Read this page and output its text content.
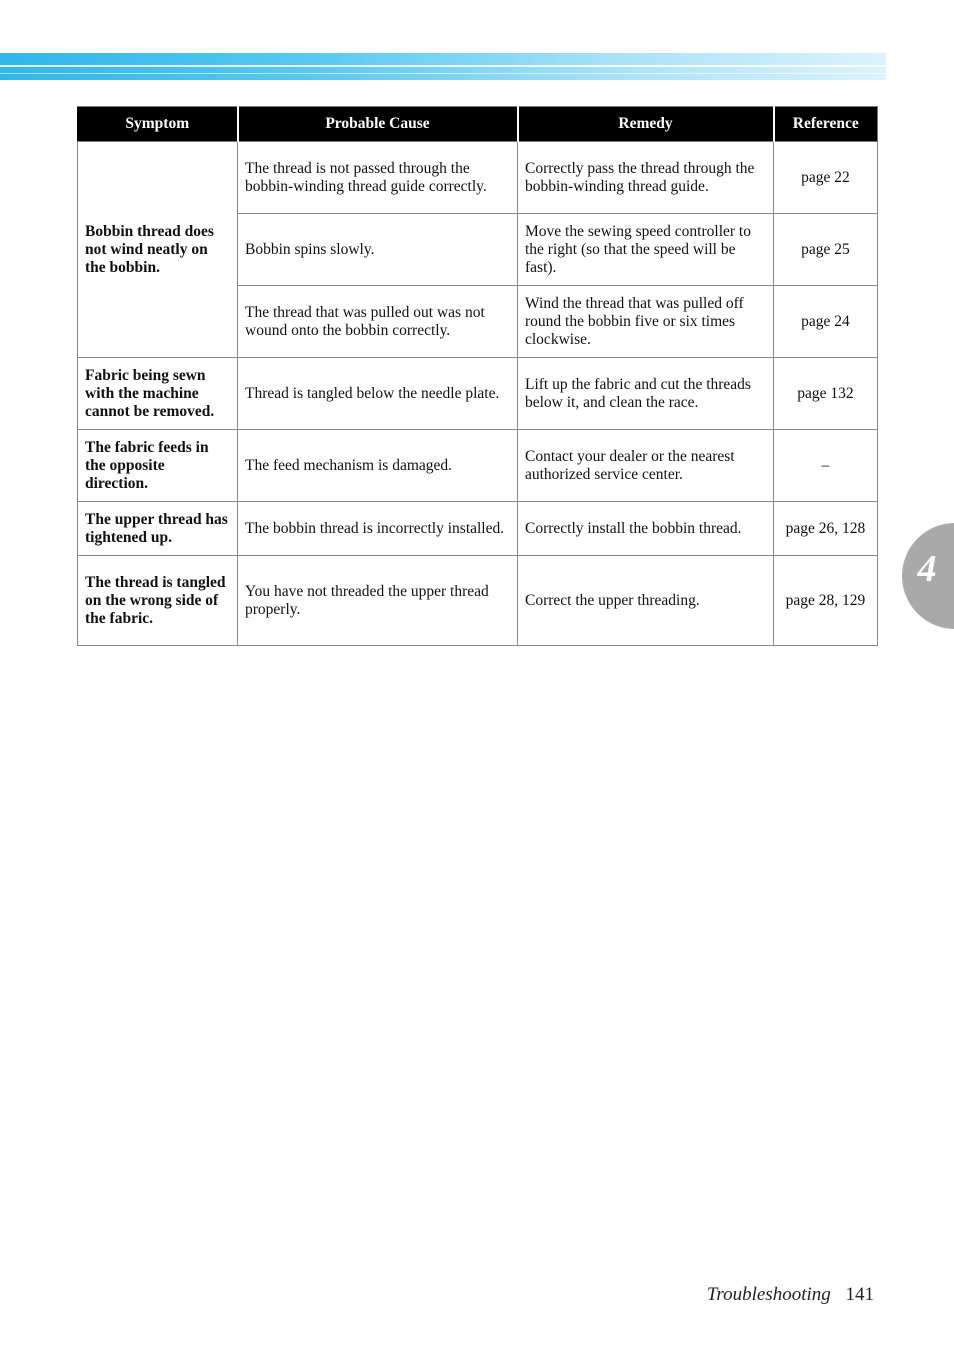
Symptom	Probable Cause	Remedy	Reference
Bobbin thread does not wind neatly on the bobbin.	The thread is not passed through the bobbin-winding thread guide correctly.	Correctly pass the thread through the bobbin-winding thread guide.	page 22
	Bobbin spins slowly.	Move the sewing speed controller to the right (so that the speed will be fast).	page 25
	The thread that was pulled out was not wound onto the bobbin correctly.	Wind the thread that was pulled off round the bobbin five or six times clockwise.	page 24
Fabric being sewn with the machine cannot be removed.	Thread is tangled below the needle plate.	Lift up the fabric and cut the threads below it, and clean the race.	page 132
The fabric feeds in the opposite direction.	The feed mechanism is damaged.	Contact your dealer or the nearest authorized service center.	–
The upper thread has tightened up.	The bobbin thread is incorrectly installed.	Correctly install the bobbin thread.	page 26, 128
The thread is tangled on the wrong side of the fabric.	You have not threaded the upper thread properly.	Correct the upper threading.	page 28, 129
4
Troubleshooting 141
